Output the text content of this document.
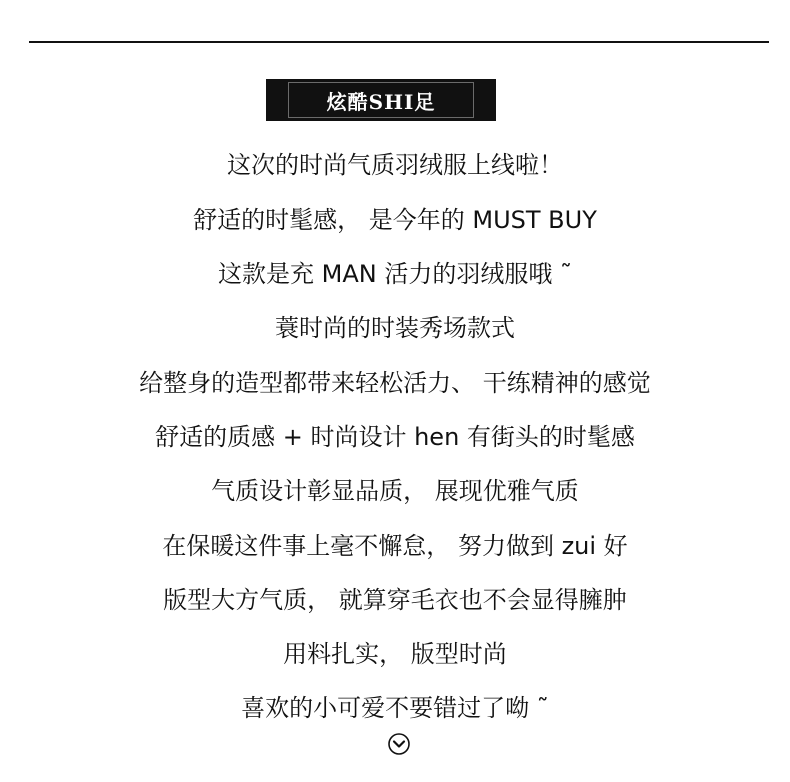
炫酷SHI足
这次的时尚气质羽绒服上线啦！
舒适的时髦感， 是今年的 MUST BUY
这款是充 MAN 活力的羽绒服哦 ˜
蓑时尚的时装秀场款式
给整身的造型都带来轻松活力、 干练精神的感觉
舒适的质感 + 时尚设计 hen 有街头的时髦感
气质设计彰显品质， 展现优雅气质
在保暖这件事上毫不懈怠， 努力做到 zui 好
版型大方气质， 就算穿毛衣也不会显得臃肿
用料扎实， 版型时尚
喜欢的小可爱不要错过了呦 ˜
